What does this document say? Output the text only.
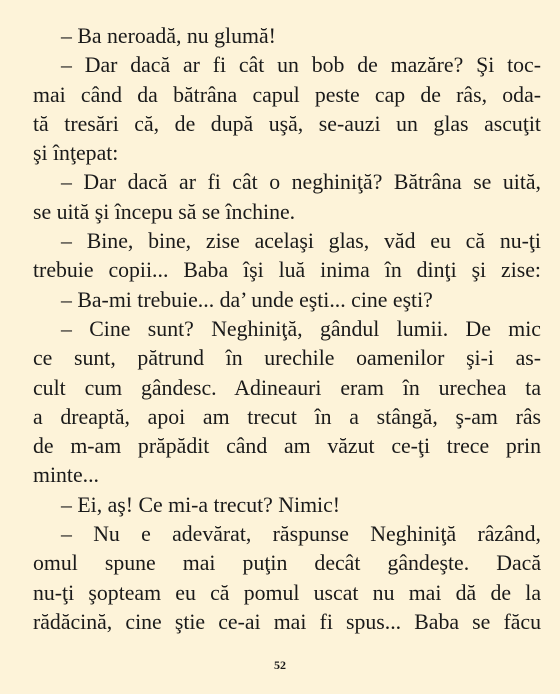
– Ba neroadă, nu glumă!
– Dar dacă ar fi cât un bob de mazăre? Şi toc-
mai când da bătrâna capul peste cap de râs, oda-
tă tresări că, de după uşă, se-auzi un glas ascuţit
şi înţepat:
– Dar dacă ar fi cât o neghiniţă? Bătrâna se uită,
se uită şi începu să se închine.
– Bine, bine, zise acelaşi glas, văd eu că nu-ţi
trebuie copii... Baba îşi luă inima în dinţi şi zise:
– Ba-mi trebuie... da’ unde eşti... cine eşti?
– Cine sunt? Neghiniţă, gândul lumii. De mic
ce sunt, pătrund în urechile oamenilor şi-i as-
cult cum gândesc. Adineauri eram în urechea ta
a dreaptă, apoi am trecut în a stângă, ş-am râs
de m-am prăpădit când am văzut ce-ţi trece prin
minte...
– Ei, aş! Ce mi-a trecut? Nimic!
– Nu e adevărat, răspunse Neghiniţă râzând,
omul spune mai puţin decât gândeşte. Dacă
nu-ţi şopteam eu că pomul uscat nu mai dă de la
rădăcină, cine ştie ce-ai mai fi spus... Baba se făcu
52
